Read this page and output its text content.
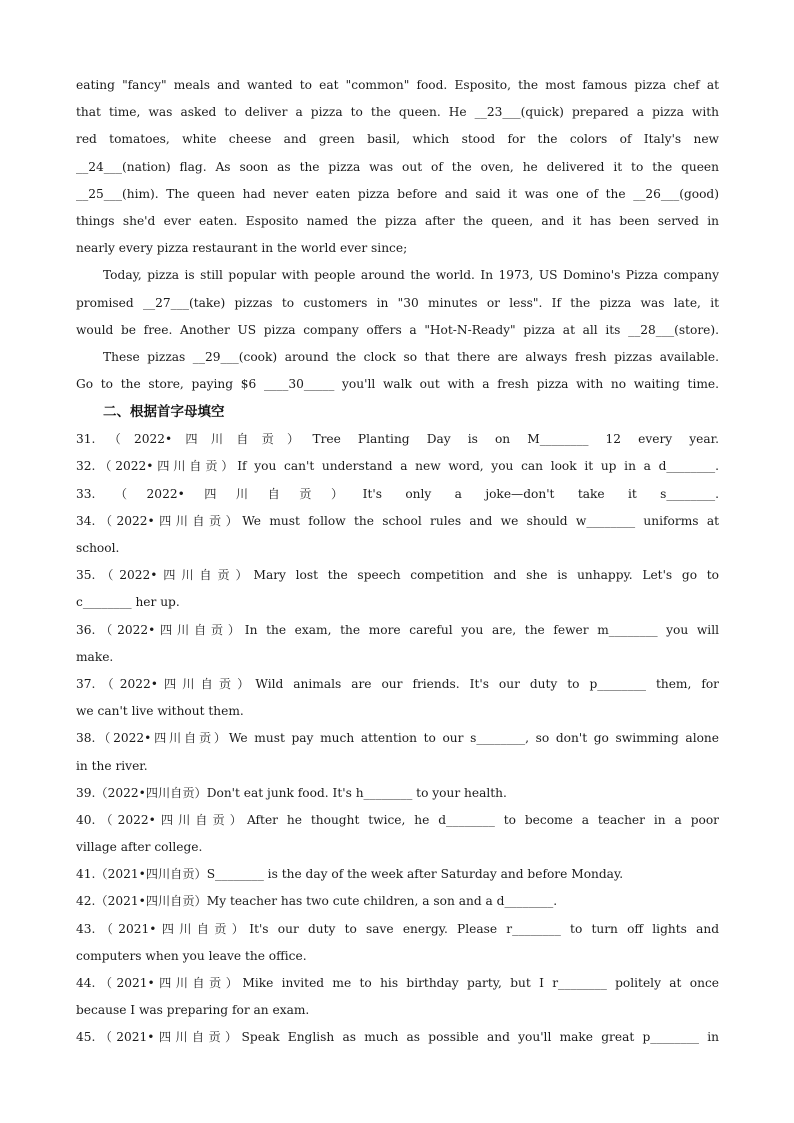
eating "fancy" meals and wanted to eat "common" food. Esposito, the most famous pizza chef at
that time, was asked to deliver a pizza to the queen. He __23___(quick) prepared a pizza with
red tomatoes, white cheese and green basil, which stood for the colors of Italy's new
__24___(nation) flag. As soon as the pizza was out of the oven, he delivered it to the queen
__25___(him). The queen had never eaten pizza before and said it was one of the __26___(good)
things she'd ever eaten. Esposito named the pizza after the queen, and it has been served in
nearly every pizza restaurant in the world ever since;
Today, pizza is still popular with people around the world. In 1973, US Domino's Pizza company
promised __27___(take) pizzas to customers in "30 minutes or less". If the pizza was late, it
would be free. Another US pizza company offers a "Hot-N-Ready" pizza at all its __28___(store).
These pizzas __29___(cook) around the clock so that there are always fresh pizzas available.
Go to the store, paying $6 ____30_____ you'll walk out with a fresh pizza with no waiting time.
二、根据首字母填空
31.（2022•四川自贡）Tree Planting Day is on M________ 12 every year.
32.（2022•四川自贡）If you can't understand a new word, you can look it up in a d________.
33.（2022•四川自贡）It's only a joke—don't take it s________.
34.（2022•四川自贡）We must follow the school rules and we should w________ uniforms at
school.
35.（2022•四川自贡）Mary lost the speech competition and she is unhappy. Let's go to
c________ her up.
36.（2022•四川自贡）In the exam, the more careful you are, the fewer m________ you will
make.
37.（2022•四川自贡）Wild animals are our friends. It's our duty to p________ them, for
we can't live without them.
38.（2022•四川自贡）We must pay much attention to our s________, so don't go swimming alone
in the river.
39.（2022•四川自贡）Don't eat junk food. It's h________ to your health.
40.（2022•四川自贡）After he thought twice, he d________ to become a teacher in a poor
village after college.
41.（2021•四川自贡）S________ is the day of the week after Saturday and before Monday.
42.（2021•四川自贡）My teacher has two cute children, a son and a d________.
43.（2021•四川自贡）It's our duty to save energy. Please r________ to turn off lights and
computers when you leave the office.
44.（2021•四川自贡）Mike invited me to his birthday party, but I r________ politely at once
because I was preparing for an exam.
45.（2021•四川自贡）Speak English as much as possible and you'll make great p________ in
